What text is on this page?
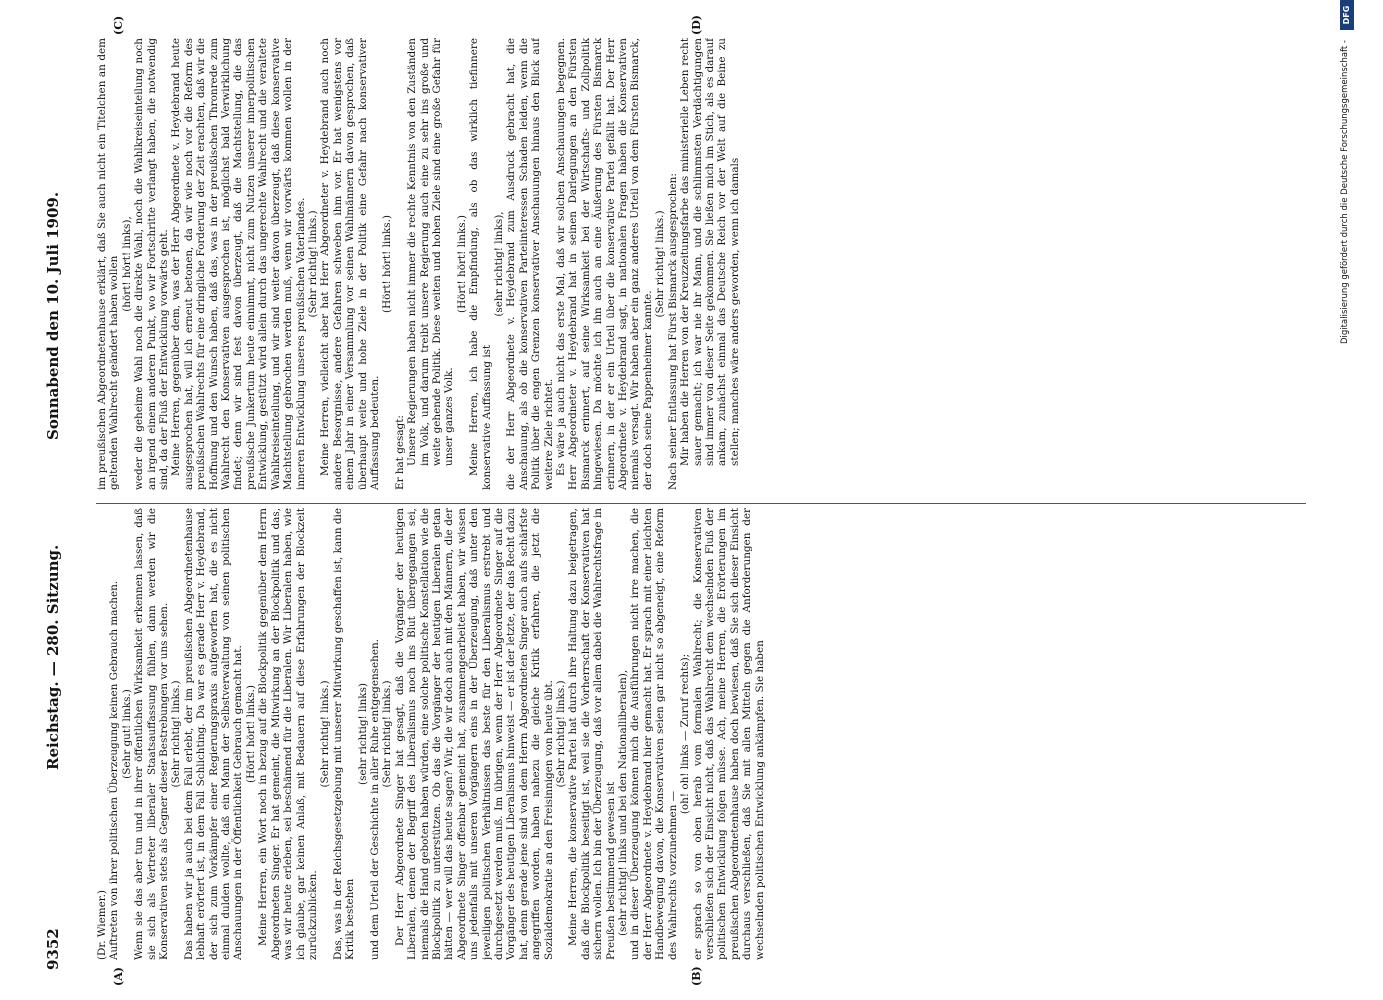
9352
Reichstag. — 280. Sitzung.
Sonnabend den 10. Juli 1909.
(A)	(B)
(C)	(D)

(Dr. Wiemer.) Auftreten von ihrer politischen Überzeugung keinen Gebrauch machen. (Sehr gut! links.) Wenn sie das aber tun und in ihrer öffentlichen Wirksamkeit erkennen lassen, daß sie sich als Vertreter liberaler Staatsauffassung fühlen, dann werden wir die Konservativen stets als Gegner dieser Bestrebungen vor uns sehen. (Sehr richtig! links.) Das haben wir ja auch bei dem Fall erlebt, der im preußischen Abgeordnetenhause lebhaft erörtert ist, in dem Fall Schlichting. Da war es gerade Herr v. Heydebrand, der sich zum Vorkämpfer einer Regierungspraxis aufgeworfen hat, die es nicht einmal dulden wollte, daß ein Mann der Selbstverwaltung von seinen politischen Anschauungen in der Öffentlichkeit Gebrauch gemacht hat. (Hört! hört! links.) Meine Herren, ein Wort noch in bezug auf die Blockpolitik gegenüber dem Herrn Abgeordneten Singer. Er hat gemeint, die Mitwirkung an der Blockpolitik und das, was wir heute erleben, sei beschämend für die Liberalen. Wir Liberalen haben, wie ich glaube, gar keinen Anlaß, mit Bedauern auf diese Erfahrungen der Blockzeit zurückzublicken.

(Sehr richtig! links.) Das, was in der Reichsgesetzgebung mit unserer Mitwirkung geschaffen ist, kann die Kritik bestehen

(sehr richtig! links) und dem Urteil der Geschichte in aller Ruhe entgegensehen. (Sehr richtig! links.) Der Herr Abgeordnete Singer hat gesagt, daß die Vorgänger der heutigen Liberalen, denen der Begriff des Liberalismus noch ins Blut übergegangen sei, niemals die Hand geboten haben würden, eine solche politische Konstellation wie die Blockpolitik zu unterstützen. Ob das die Vorgänger der heutigen Liberalen getan hätten — wer will das heute sagen? Wir, die wir doch auch mit den Männern, die der Abgeordnete Singer offenbar gemeint hat, zusammengearbeitet haben, wir wissen uns jedenfalls mit unseren Vorgängern eins in der Überzeugung, daß unter den jeweiligen politischen Verhältnissen das beste für den Liberalismus erstrebt und durchgesetzt werden muß. Im übrigen, wenn der Herr Abgeordnete Singer auf die Vorgänger des heutigen Liberalismus hinweist — er ist der letzte, der das Recht dazu hat, denn gerade jene sind von dem Herrn Abgeordneten Singer auch aufs schärfste angegriffen worden, haben nahezu die gleiche Kritik erfahren, die jetzt die Sozialdemokratie an den Freisinnigen von heute übt. (Sehr richtig! links.) Meine Herren, die konservative Partei hat durch ihre Haltung dazu beigetragen, daß die Blockpolitik beseitigt ist, weil sie die Vorherrschaft der Konservativen hat sichern wollen. Ich bin der Überzeugung, daß vor allem dabei die Wahlrechtsfrage in Preußen bestimmend gewesen ist (sehr richtig! links und bei den Nationalliberalen), und in dieser Überzeugung können mich die Ausführungen nicht irre machen, die der Herr Abgeordnete v. Heydebrand hier gemacht hat. Er sprach mit einer leichten Handbewegung davon, die Konservativen seien gar nicht so abgeneigt, eine Reform des Wahlrechts vorzunehmen —

(oh! oh! links — Zuruf rechts); er sprach so von oben herab vom formalen Wahlrecht; die Konservativen verschließen sich der Einsicht nicht, daß das Wahlrecht dem wechselnden Fluß der politischen Entwicklung folgen müsse. Ach, meine Herren, die Erörterungen im preußischen Abgeordnetenhause haben doch bewiesen, daß Sie sich dieser Einsicht durchaus verschließen, daß Sie mit allen Mitteln gegen die Anforderungen der wechselnden politischen Entwicklung ankämpfen. Sie haben

im preußischen Abgeordnetenhause erklärt, daß Sie auch nicht ein Titelchen an dem geltenden Wahlrecht geändert haben wollen (hört! hört! links), weder die geheime Wahl noch die direkte Wahl, noch die Wahlkreiseinteilung noch an irgend einem anderen Punkt, wo wir Fortschritte verlangt haben, die notwendig sind, da der Fluß der Entwicklung vorwärts geht. Meine Herren, gegenüber dem, was der Herr Abgeordnete v. Heydebrand heute ausgesprochen hat, will ich erneut betonen, da wir wie noch vor die Reform des preußischen Wahlrechts für eine dringliche Forderung der Zeit erachten, daß wir die Hoffnung und den Wunsch haben, daß das, was in der preußischen Thronrede zum Wahlrecht den Konservativen ausgesprochen ist, möglichst bald Verwirklichung findet; denn wir sind fest davon überzeugt, daß die Machtstellung, die das preußische Junkertum heute einnimmt, nicht zum Nutzen unserer innerpolitischen Entwicklung, gestützt wird allein durch das ungerechte Wahlrecht und die veraltete Wahlkreiseinteilung, und wir sind weiter davon überzeugt, daß diese konservative Machtstellung gebrochen werden muß, wenn wir vorwärts kommen wollen in der inneren Entwicklung unseres preußischen Vaterlandes. (Sehr richtig! links.) Meine Herren, vielleicht aber hat Herr Abgeordneter v. Heydebrand auch noch andere Besorgnisse, andere Gefahren schweben ihm vor. Er hat wenigstens vor einem Jahr in einer Versammlung vor seinen Wahlmännern davon gesprochen, daß überhaupt weite und hohe Ziele in der Politik eine Gefahr nach konservativer Auffassung bedeuten.

(Hört! hört! links.)

Er hat gesagt: Unsere Regierungen haben nicht immer die rechte Kenntnis von den Zuständen im Volk, und darum treibt unsere Regierung auch eine zu sehr ins große und weite gehende Politik. Diese weiten und hohen Ziele sind eine große Gefahr für unser ganzes Volk.

(Hört! hört! links.) Meine Herren, ich habe die Empfindung, als ob das wirklich tiefinnere konservative Auffassung ist

(sehr richtig! links), die der Herr Abgeordnete v. Heydebrand zum Ausdruck gebracht hat, die Anschauung, als ob die konservativen Parteiinteressen Schaden leiden, wenn die Politik über die engen Grenzen konservativer Anschauungen hinaus den Blick auf weitere Ziele richtet. Es wäre ja auch nicht das erste Mal, daß wir solchen Anschauungen begegnen. Herr Abgeordneter v. Heydebrand hat in seinen Darlegungen an den Fürsten Bismarck erinnert, auf seine Wirksamkeit bei der Wirtschafts- und Zollpolitik hingewiesen. Da möchte ich ihn auch an eine Äußerung des Fürsten Bismarck erinnern, in der er ein Urteil über die konservative Partei gefällt hat. Der Herr Abgeordnete v. Heydebrand sagt, in nationalen Fragen haben die Konservativen niemals versagt. Wir haben aber ein ganz anderes Urteil von dem Fürsten Bismarck, der doch seine Pappenheimer kannte.

(Sehr richtig! links.) Nach seiner Entlassung hat Fürst Bismarck ausgesprochen: Mir haben die Herren von der Kreuzzeitungsfarbe das ministerielle Leben recht sauer gemacht; ich war nie ihr Mann, und die schlimmsten Verdächtigungen sind immer von dieser Seite gekommen. Sie ließen mich im Stich, als es darauf ankam, zunächst einmal das Deutsche Reich vor der Welt auf die Beine zu stellen; manches wäre anders geworden, wenn ich damals	Digitalisierung gefördert durch die Deutsche Forschungsgemeinschaft -
DFG
